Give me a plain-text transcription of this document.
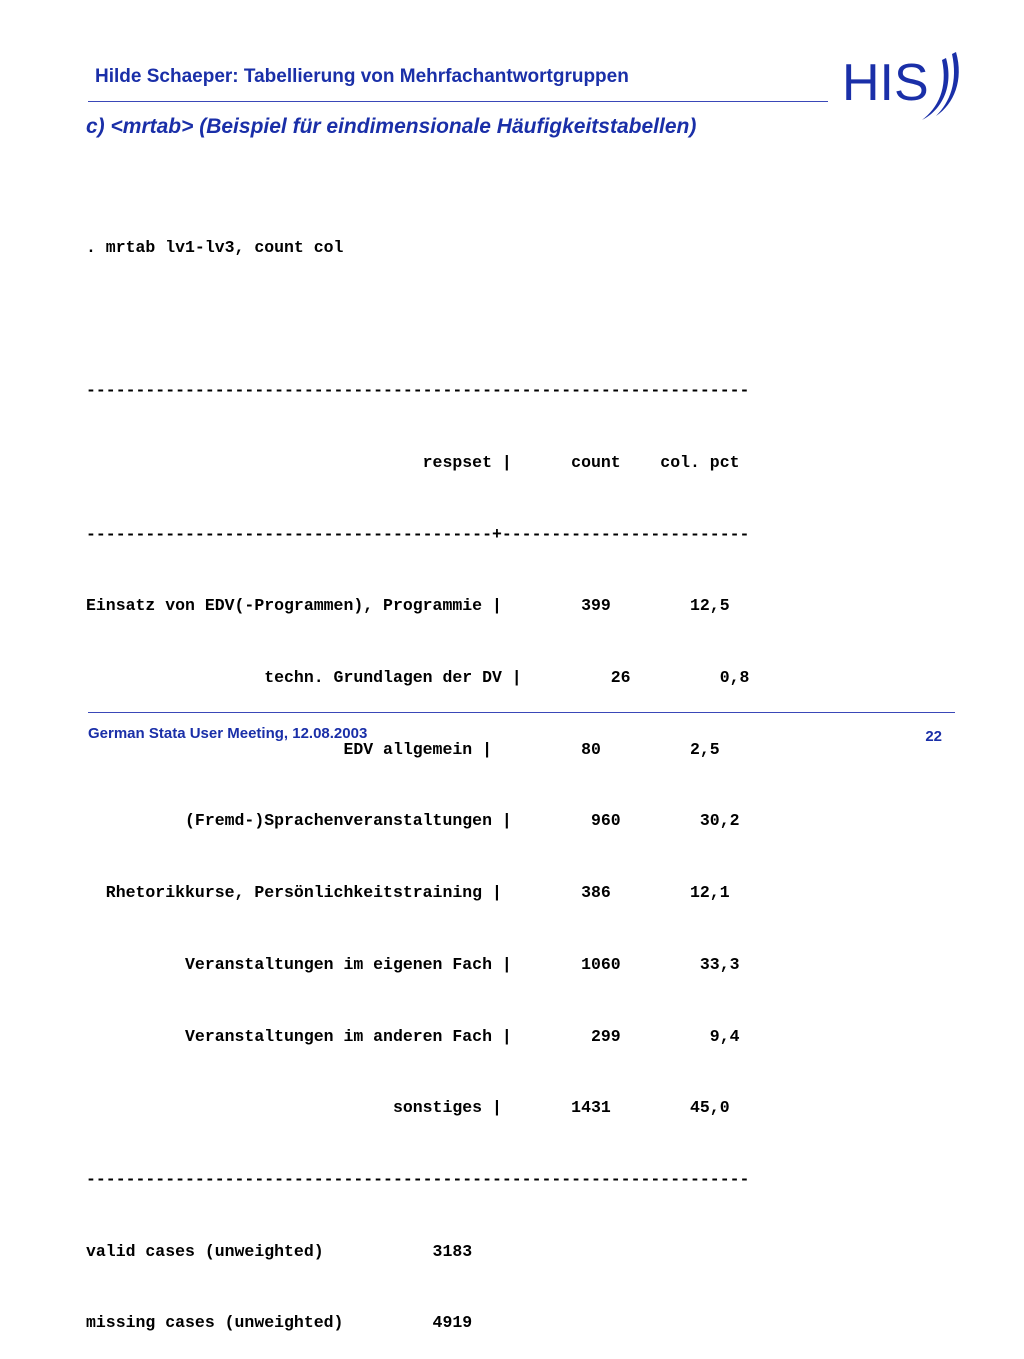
Hilde Schaeper: Tabellierung von Mehrfachantwortgruppen	HIS
c) <mrtab> (Beispiel für eindimensionale Häufigkeitstabellen)

. mrtab lv1-lv3, count col

-------------------------------------------------------------------

respset |      count    col. pct

-----------------------------------------+-------------------------

Einsatz von EDV(-Programmen), Programmie |        399        12,5

techn. Grundlagen der DV |         26         0,8

EDV allgemein |         80         2,5

(Fremd-)Sprachenveranstaltungen |        960        30,2

Rhetorikkurse, Persönlichkeitstraining |        386        12,1

Veranstaltungen im eigenen Fach |       1060        33,3

Veranstaltungen im anderen Fach |        299         9,4

sonstiges |       1431        45,0

-------------------------------------------------------------------

valid cases (unweighted)           3183

missing cases (unweighted)         4919

German Stata User Meeting, 12.08.2003	22
